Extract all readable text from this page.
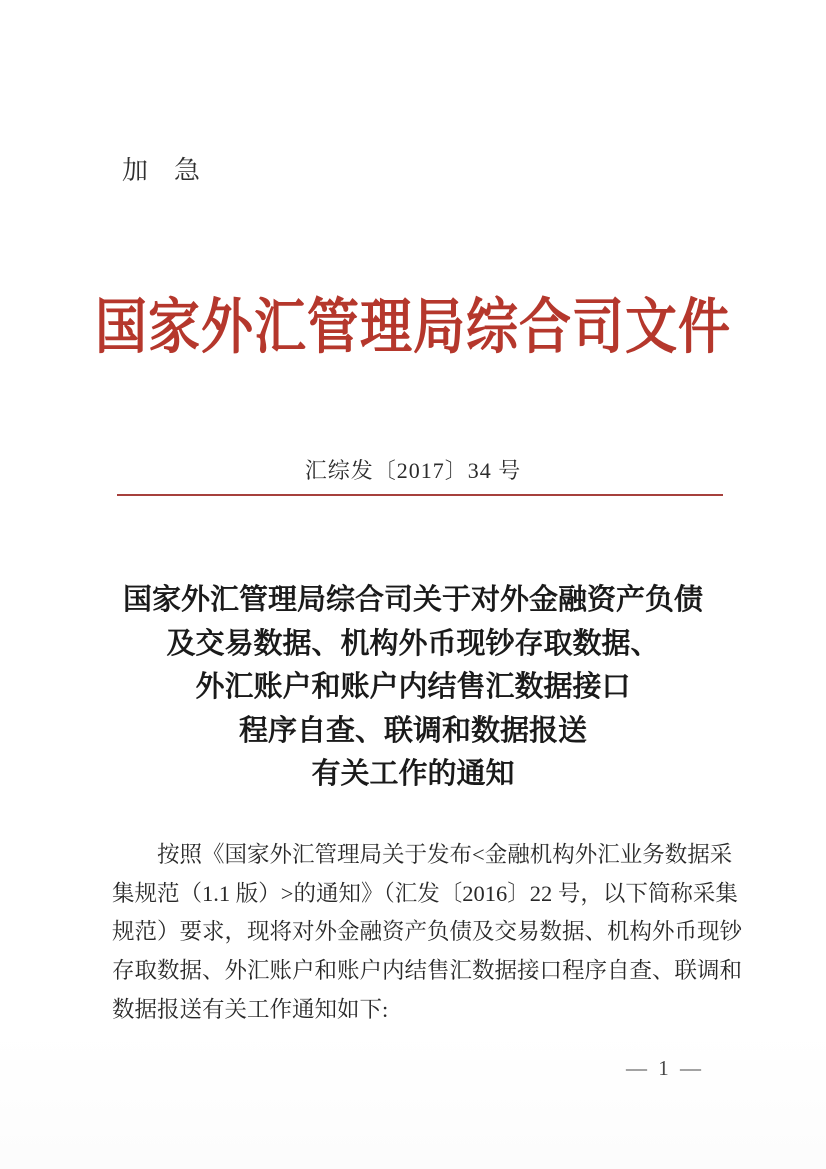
加　急
国家外汇管理局综合司文件
汇综发〔2017〕34 号
国家外汇管理局综合司关于对外金融资产负债
及交易数据、机构外币现钞存取数据、
外汇账户和账户内结售汇数据接口
程序自查、联调和数据报送
有关工作的通知
按照《国家外汇管理局关于发布<金融机构外汇业务数据采
集规范（1.1 版）>的通知》（汇发〔2016〕22 号，以下简称采集
规范）要求，现将对外金融资产负债及交易数据、机构外币现钞
存取数据、外汇账户和账户内结售汇数据接口程序自查、联调和
数据报送有关工作通知如下:
— 1 —
